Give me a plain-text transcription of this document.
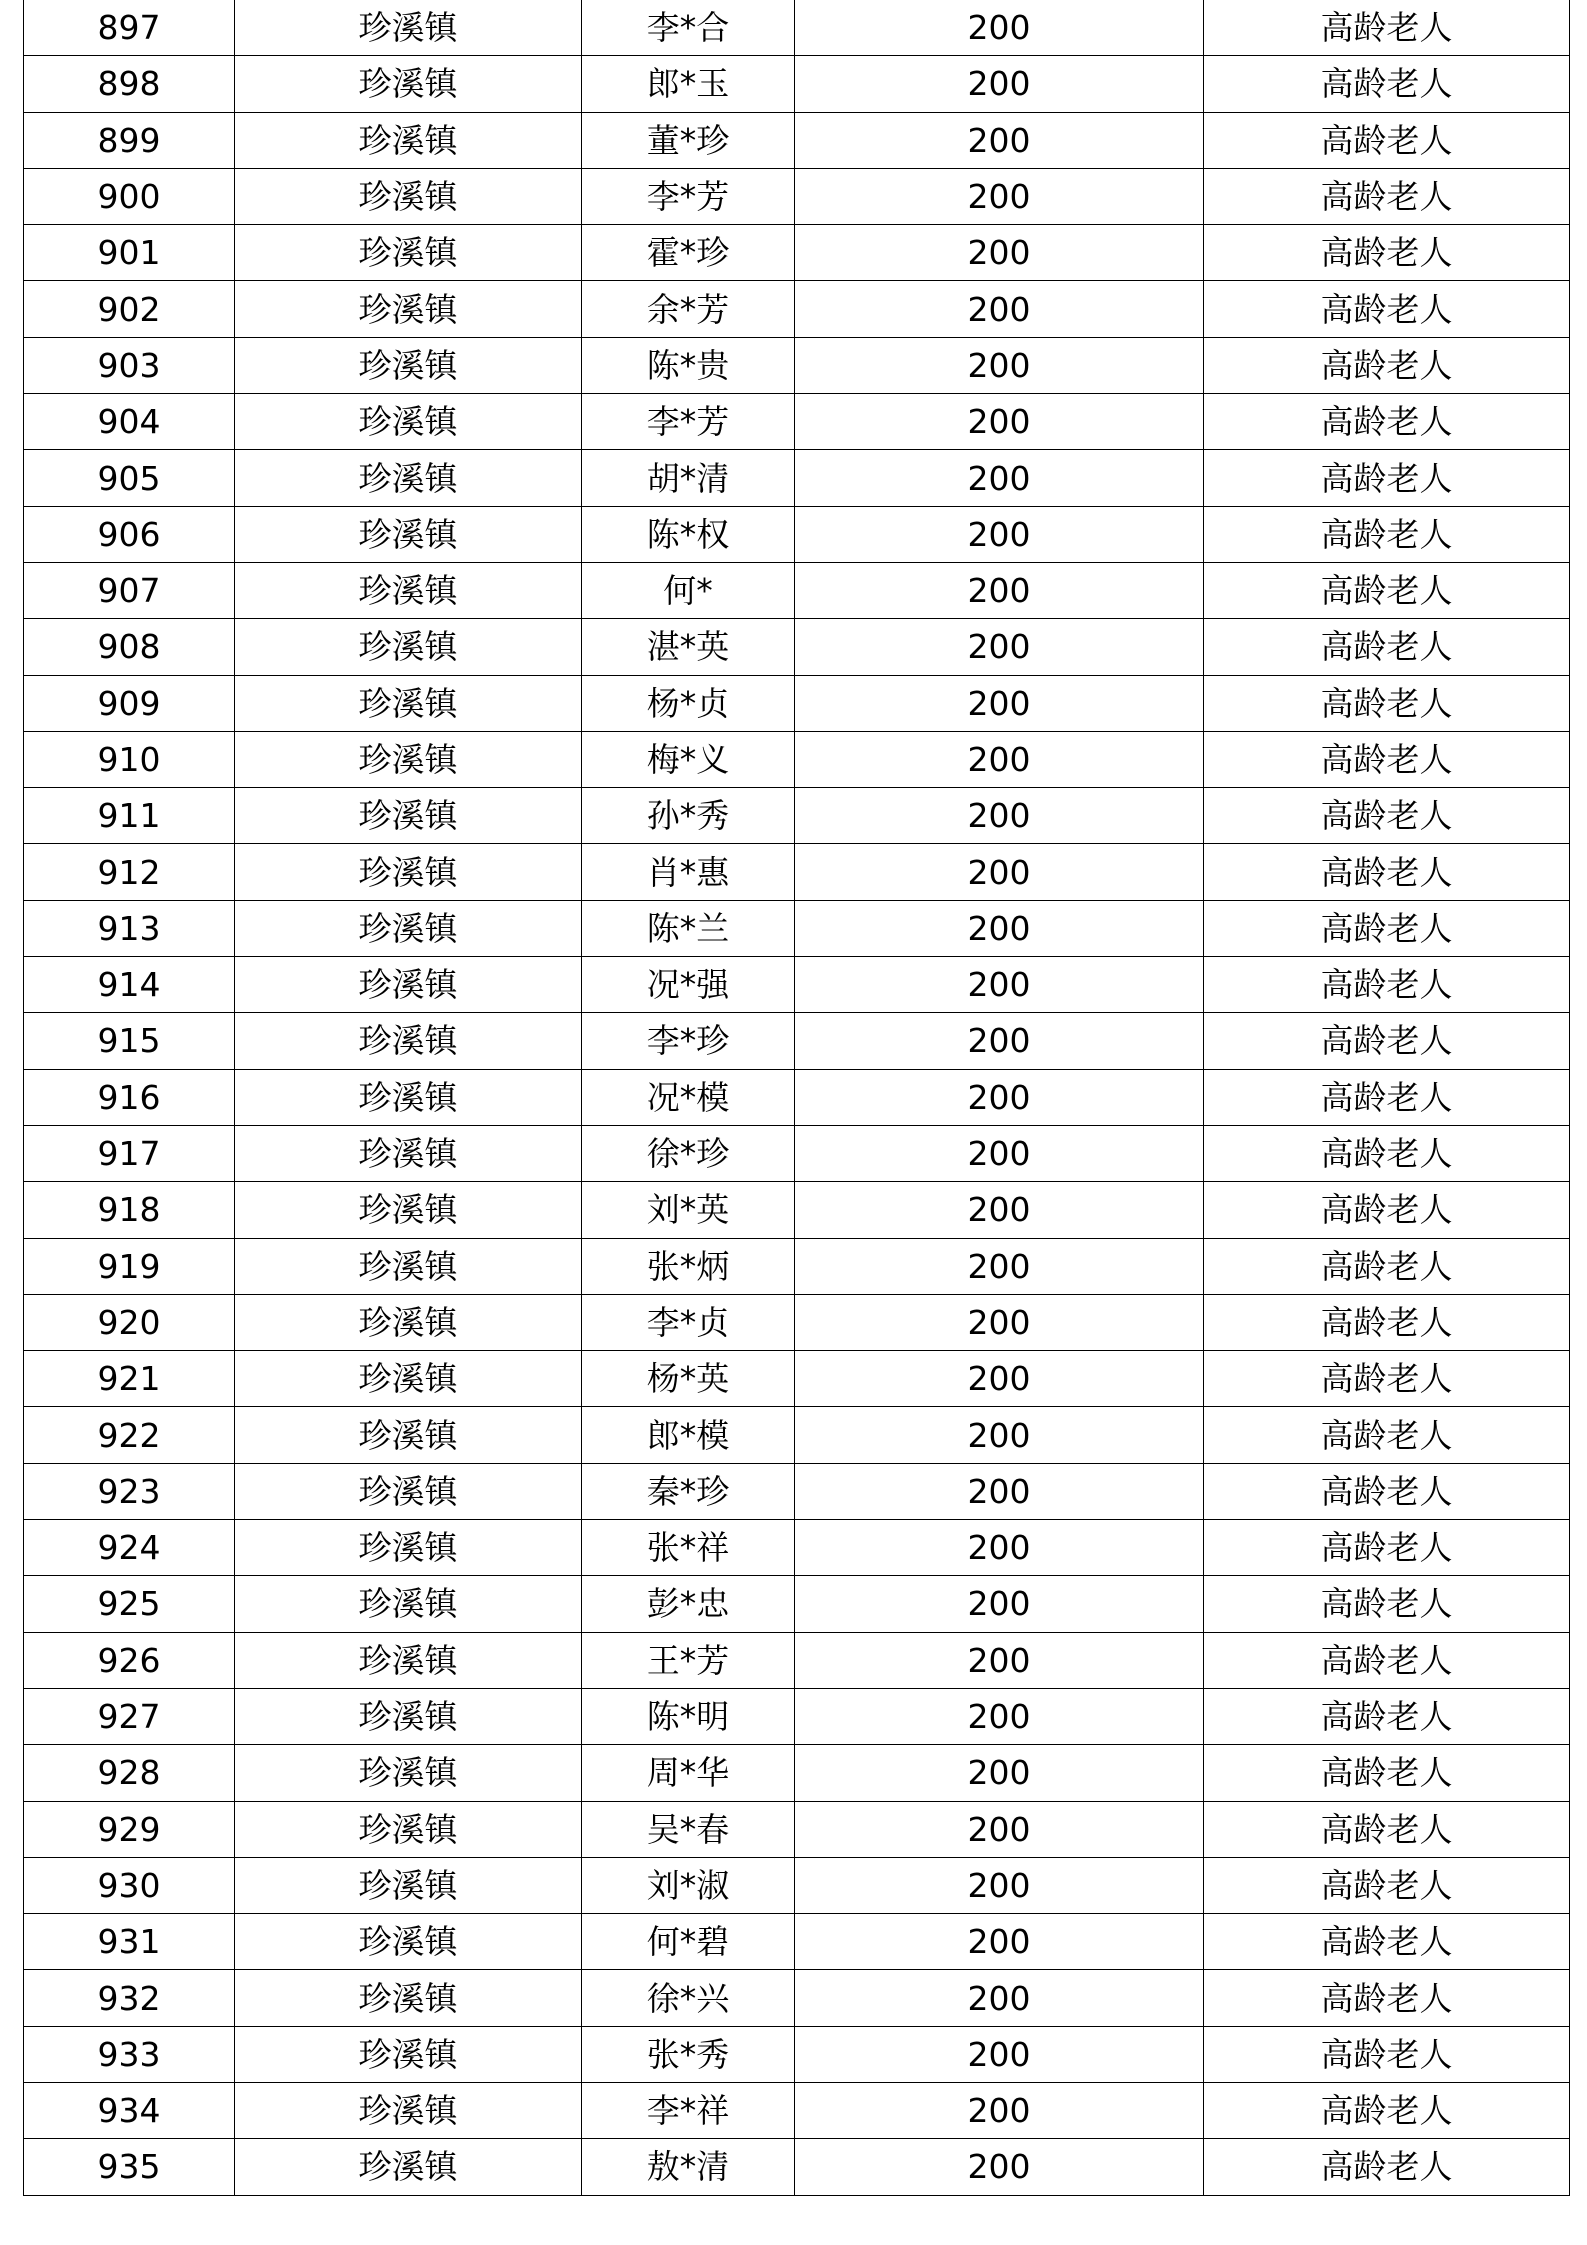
897	珍溪镇	李*合	200	高龄老人
898	珍溪镇	郎*玉	200	高龄老人
899	珍溪镇	董*珍	200	高龄老人
900	珍溪镇	李*芳	200	高龄老人
901	珍溪镇	霍*珍	200	高龄老人
902	珍溪镇	余*芳	200	高龄老人
903	珍溪镇	陈*贵	200	高龄老人
904	珍溪镇	李*芳	200	高龄老人
905	珍溪镇	胡*清	200	高龄老人
906	珍溪镇	陈*权	200	高龄老人
907	珍溪镇	何*	200	高龄老人
908	珍溪镇	湛*英	200	高龄老人
909	珍溪镇	杨*贞	200	高龄老人
910	珍溪镇	梅*义	200	高龄老人
911	珍溪镇	孙*秀	200	高龄老人
912	珍溪镇	肖*惠	200	高龄老人
913	珍溪镇	陈*兰	200	高龄老人
914	珍溪镇	况*强	200	高龄老人
915	珍溪镇	李*珍	200	高龄老人
916	珍溪镇	况*模	200	高龄老人
917	珍溪镇	徐*珍	200	高龄老人
918	珍溪镇	刘*英	200	高龄老人
919	珍溪镇	张*炳	200	高龄老人
920	珍溪镇	李*贞	200	高龄老人
921	珍溪镇	杨*英	200	高龄老人
922	珍溪镇	郎*模	200	高龄老人
923	珍溪镇	秦*珍	200	高龄老人
924	珍溪镇	张*祥	200	高龄老人
925	珍溪镇	彭*忠	200	高龄老人
926	珍溪镇	王*芳	200	高龄老人
927	珍溪镇	陈*明	200	高龄老人
928	珍溪镇	周*华	200	高龄老人
929	珍溪镇	吴*春	200	高龄老人
930	珍溪镇	刘*淑	200	高龄老人
931	珍溪镇	何*碧	200	高龄老人
932	珍溪镇	徐*兴	200	高龄老人
933	珍溪镇	张*秀	200	高龄老人
934	珍溪镇	李*祥	200	高龄老人
935	珍溪镇	敖*清	200	高龄老人
